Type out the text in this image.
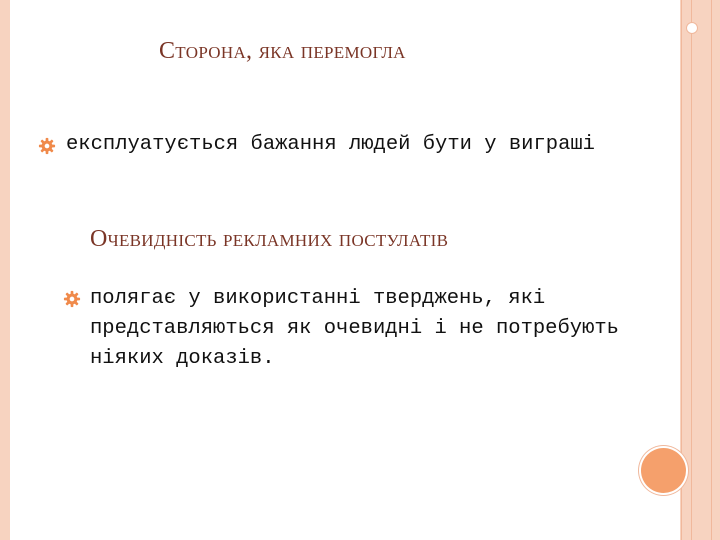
Сторона, яка перемогла
експлуатується бажання людей бути у виграші
Очевидність рекламних постулатів
полягає у використанні тверджень, які представляються як очевидні і не потребують ніяких доказів.
